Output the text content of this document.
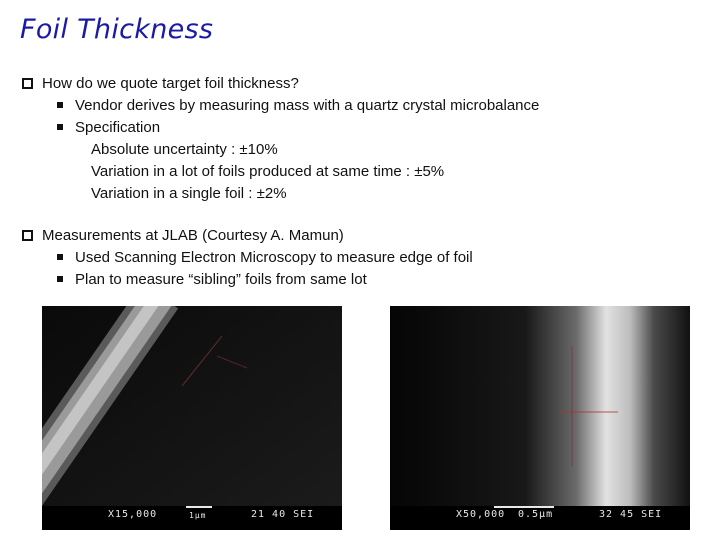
Foil Thickness
How do we quote target foil thickness?
Vendor derives by measuring mass with a quartz crystal microbalance
Specification
Absolute uncertainty : ±10%
Variation in a lot of foils produced at same time : ±5%
Variation in a single foil : ±2%
Measurements at JLAB (Courtesy A. Mamun)
Used Scanning Electron Microscopy to measure edge of foil
Plan to measure “sibling” foils from same lot
X15,000	1μm	21 40 SEI	X50,000 0.5μm	32 45 SEI
